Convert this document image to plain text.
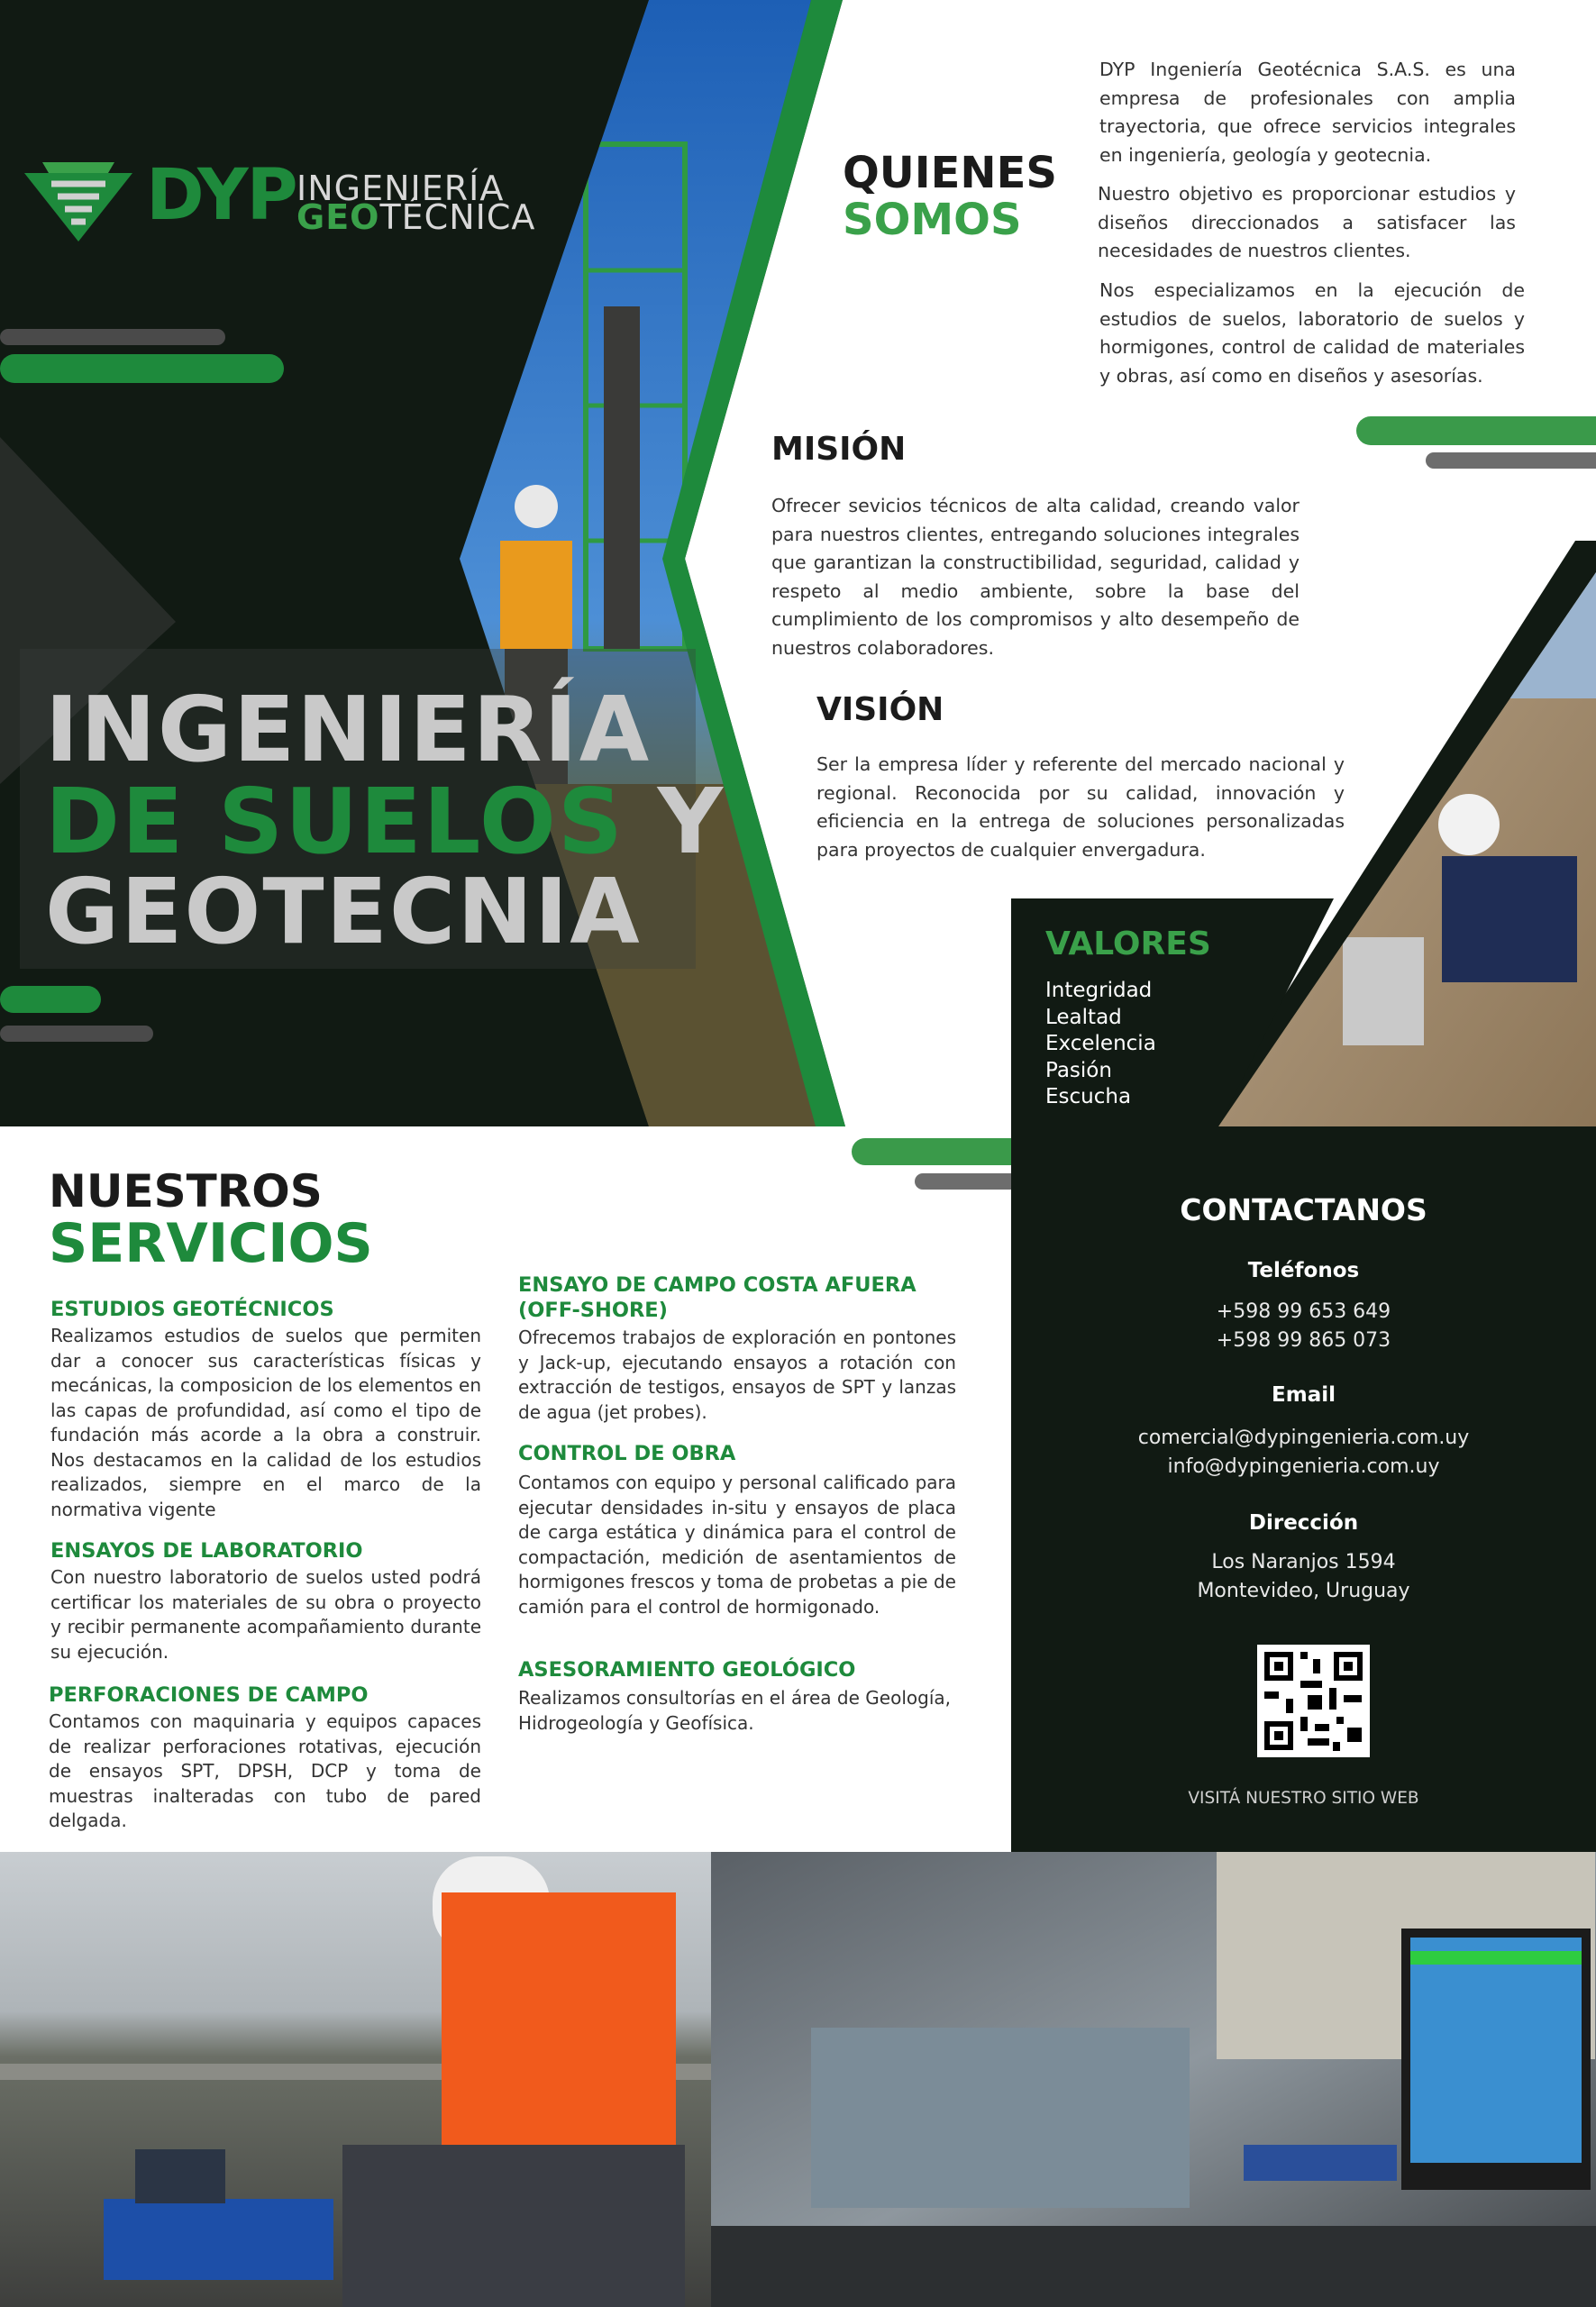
DYP INGENIERÍA
GEOTÉCNICA
INGENIERÍA
DE SUELOS Y
GEOTECNIA
QUIENES
SOMOS
DYP Ingeniería Geotécnica S.A.S. es una empresa de profesionales con amplia trayectoria, que ofrece servicios integrales en ingeniería, geología y geotecnia.
Nuestro objetivo es proporcionar estudios y diseños direccionados a satisfacer las necesidades de nuestros clientes.
Nos especializamos en la ejecución de estudios de suelos, laboratorio de suelos y hormigones, control de calidad de materiales y obras, así como en diseños y asesorías.
MISIÓN
Ofrecer sevicios técnicos de alta calidad, creando valor para nuestros clientes, entregando soluciones integrales que garantizan la constructibilidad, seguridad, calidad y respeto al medio ambiente, sobre la base del cumplimiento de los compromisos y alto desempeño de nuestros colaboradores.
VISIÓN
Ser la empresa líder y referente del mercado nacional y regional. Reconocida por su calidad, innovación y eficiencia en la entrega de soluciones personalizadas para proyectos de cualquier envergadura.
VALORES
Integridad
Lealtad
Excelencia
Pasión
Escucha
NUESTROS
SERVICIOS
ESTUDIOS GEOTÉCNICOS
Realizamos estudios de suelos que permiten dar a conocer sus características físicas y mecánicas, la composicion de los elementos en las capas de profundidad, así como el tipo de fundación más acorde a la obra a construir. Nos destacamos en la calidad de los estudios realizados, siempre en el marco de la normativa vigente
ENSAYOS DE LABORATORIO
Con nuestro laboratorio de suelos usted podrá certificar los materiales de su obra o proyecto y recibir permanente acompañamiento durante su ejecución.
PERFORACIONES DE CAMPO
Contamos con maquinaria y equipos capaces de realizar perforaciones rotativas, ejecución de ensayos SPT, DPSH, DCP y toma de muestras inalteradas con tubo de pared delgada.
ENSAYO DE CAMPO COSTA AFUERA (OFF-SHORE)
Ofrecemos trabajos de exploración en pontones y Jack-up, ejecutando ensayos a rotación con extracción de testigos, ensayos de SPT y lanzas de agua (jet probes).
CONTROL DE OBRA
Contamos con equipo y personal calificado para ejecutar densidades in-situ y ensayos de placa de carga estática y dinámica para el control de compactación, medición de asentamientos de hormigones frescos y toma de probetas a pie de camión para el control de hormigonado.
ASESORAMIENTO GEOLÓGICO
Realizamos consultorías en el área de Geología, Hidrogeología y Geofísica.
CONTACTANOS
Teléfonos
+598 99 653 649
+598 99 865 073
Email
comercial@dypingenieria.com.uy
info@dypingenieria.com.uy
Dirección
Los Naranjos 1594
Montevideo, Uruguay
VISITÁ NUESTRO SITIO WEB
